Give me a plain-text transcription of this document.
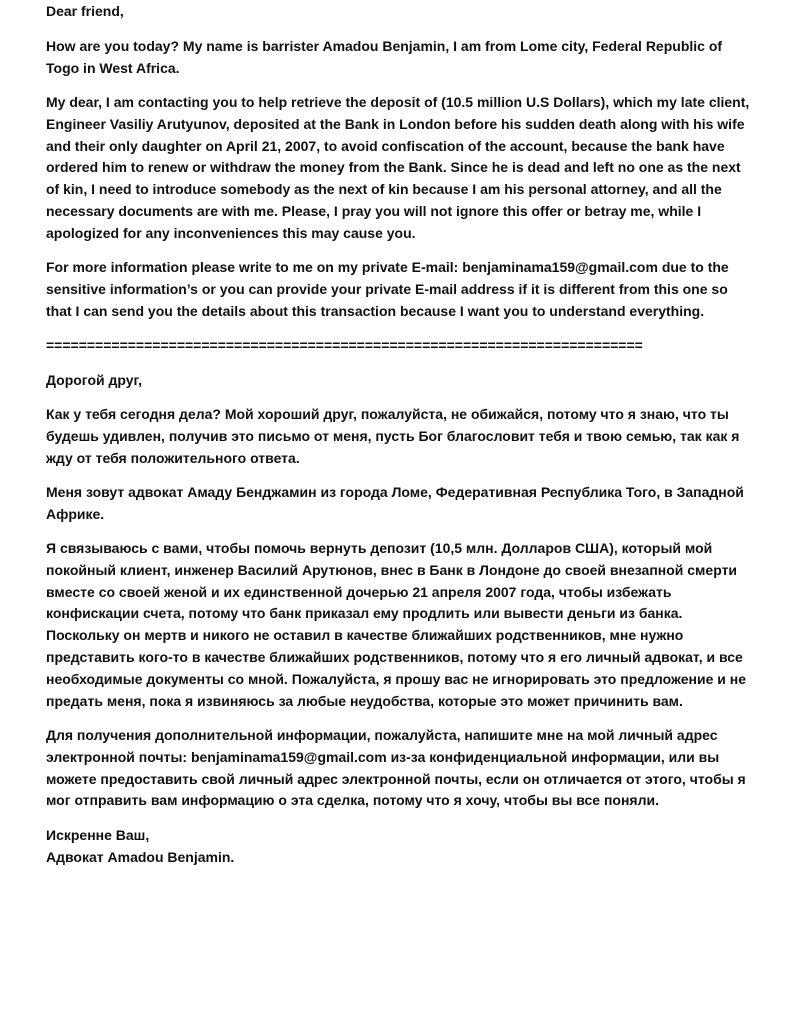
Dear friend,

How are you today? My name is barrister Amadou Benjamin, I am from Lome city, Federal Republic of Togo in West Africa.

My dear, I am contacting you to help retrieve the deposit of (10.5 million U.S Dollars), which my late client, Engineer Vasiliy Arutyunov, deposited at the Bank in London before his sudden death along with his wife and their only daughter on April 21, 2007, to avoid confiscation of the account, because the bank have ordered him to renew or withdraw the money from the Bank. Since he is dead and left no one as the next of kin, I need to introduce somebody as the next of kin because I am his personal attorney, and all the necessary documents are with me. Please, I pray you will not ignore this offer or betray me, while I apologized for any inconveniences this may cause you.

For more information please write to me on my private E-mail: benjaminama159@gmail.com due to the sensitive information’s or you can provide your private E-mail address if it is different from this one so that I can send you the details about this transaction because I want you to understand everything.

=========================================================================

Дорогой друг,

Как у тебя сегодня дела? Мой хороший друг, пожалуйста, не обижайся, потому что я знаю, что ты будешь удивлен, получив это письмо от меня, пусть Бог благословит тебя и твою семью, так как я жду от тебя положительного ответа.

Меня зовут адвокат Амаду Бенджамин из города Ломе, Федеративная Республика Того, в Западной Африке.

Я связываюсь с вами, чтобы помочь вернуть депозит (10,5 млн. Долларов США), который мой покойный клиент, инженер Василий Арутюнов, внес в Банк в Лондоне до своей внезапной смерти вместе со своей женой и их единственной дочерью 21 апреля 2007 года, чтобы избежать конфискации счета, потому что банк приказал ему продлить или вывести деньги из банка. Поскольку он мертв и никого не оставил в качестве ближайших родственников, мне нужно представить кого-то в качестве ближайших родственников, потому что я его личный адвокат, и все необходимые документы со мной. Пожалуйста, я прошу вас не игнорировать это предложение и не предать меня, пока я извиняюсь за любые неудобства, которые это может причинить вам.

Для получения дополнительной информации, пожалуйста, напишите мне на мой личный адрес электронной почты: benjaminama159@gmail.com из-за конфиденциальной информации, или вы можете предоставить свой личный адрес электронной почты, если он отличается от этого, чтобы я мог отправить вам информацию о эта сделка, потому что я хочу, чтобы вы все поняли.

Искренне Ваш,
Адвокат Amadou Benjamin.
